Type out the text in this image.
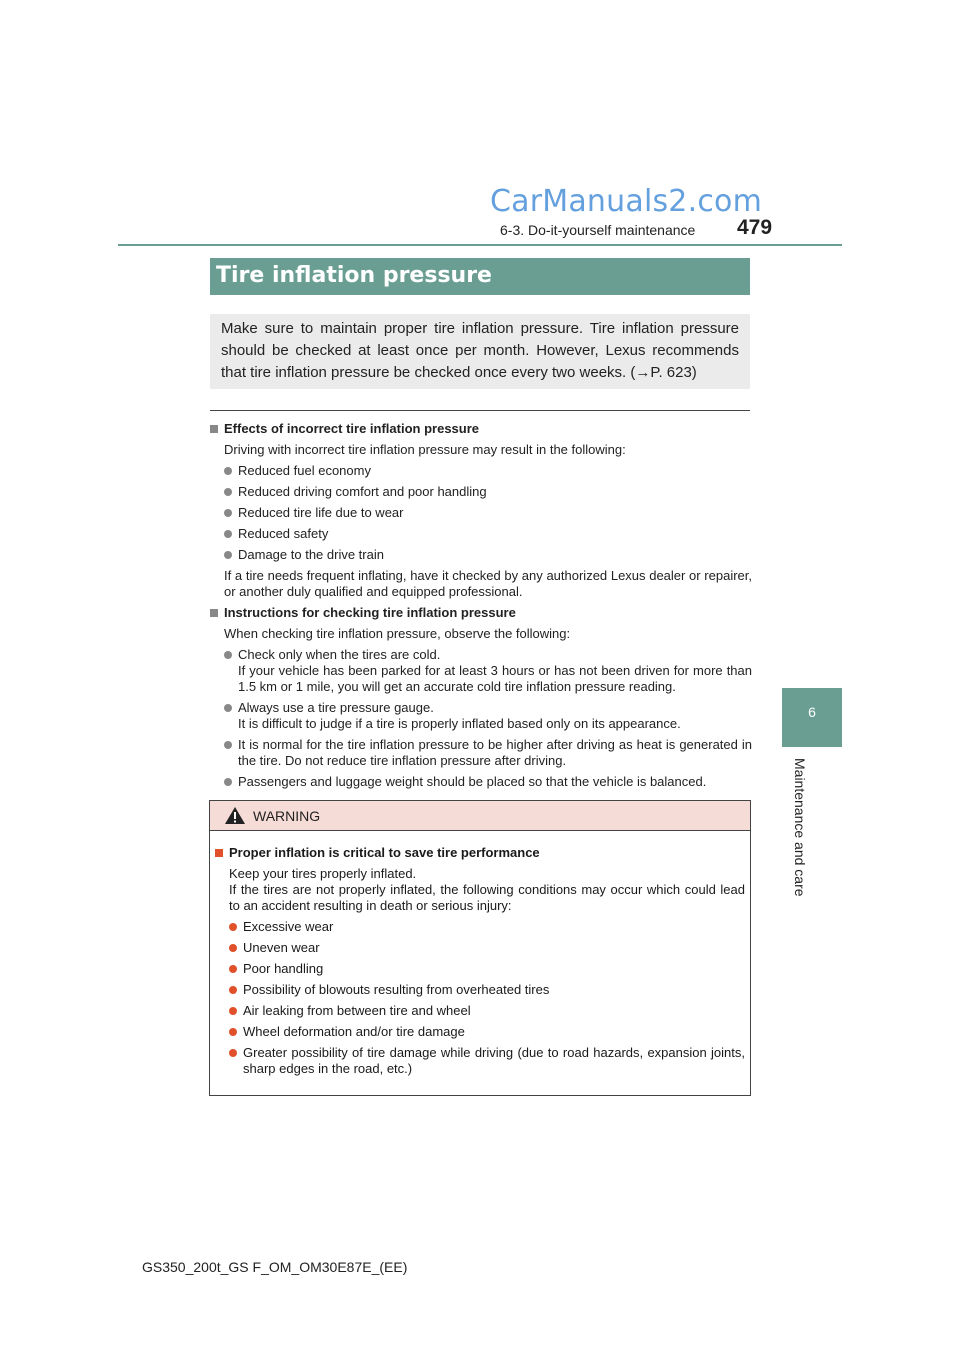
CarManuals2.com
6-3. Do-it-yourself maintenance 479
6
Maintenance and care
Tire inflation pressure
Make sure to maintain proper tire inflation pressure. Tire inflation pressure should be checked at least once per month. However, Lexus recommends that tire inflation pressure be checked once every two weeks. (→P. 623)
Effects of incorrect tire inflation pressure
Driving with incorrect tire inflation pressure may result in the following:
Reduced fuel economy
Reduced driving comfort and poor handling
Reduced tire life due to wear
Reduced safety
Damage to the drive train
If a tire needs frequent inflating, have it checked by any authorized Lexus dealer or repairer, or another duly qualified and equipped professional.
Instructions for checking tire inflation pressure
When checking tire inflation pressure, observe the following:
Check only when the tires are cold.
If your vehicle has been parked for at least 3 hours or has not been driven for more than 1.5 km or 1 mile, you will get an accurate cold tire inflation pressure reading.
Always use a tire pressure gauge.
It is difficult to judge if a tire is properly inflated based only on its appearance.
It is normal for the tire inflation pressure to be higher after driving as heat is generated in the tire. Do not reduce tire inflation pressure after driving.
Passengers and luggage weight should be placed so that the vehicle is balanced.
WARNING
Proper inflation is critical to save tire performance
Keep your tires properly inflated.
If the tires are not properly inflated, the following conditions may occur which could lead to an accident resulting in death or serious injury:
Excessive wear
Uneven wear
Poor handling
Possibility of blowouts resulting from overheated tires
Air leaking from between tire and wheel
Wheel deformation and/or tire damage
Greater possibility of tire damage while driving (due to road hazards, expansion joints, sharp edges in the road, etc.)
GS350_200t_GS F_OM_OM30E87E_(EE)
